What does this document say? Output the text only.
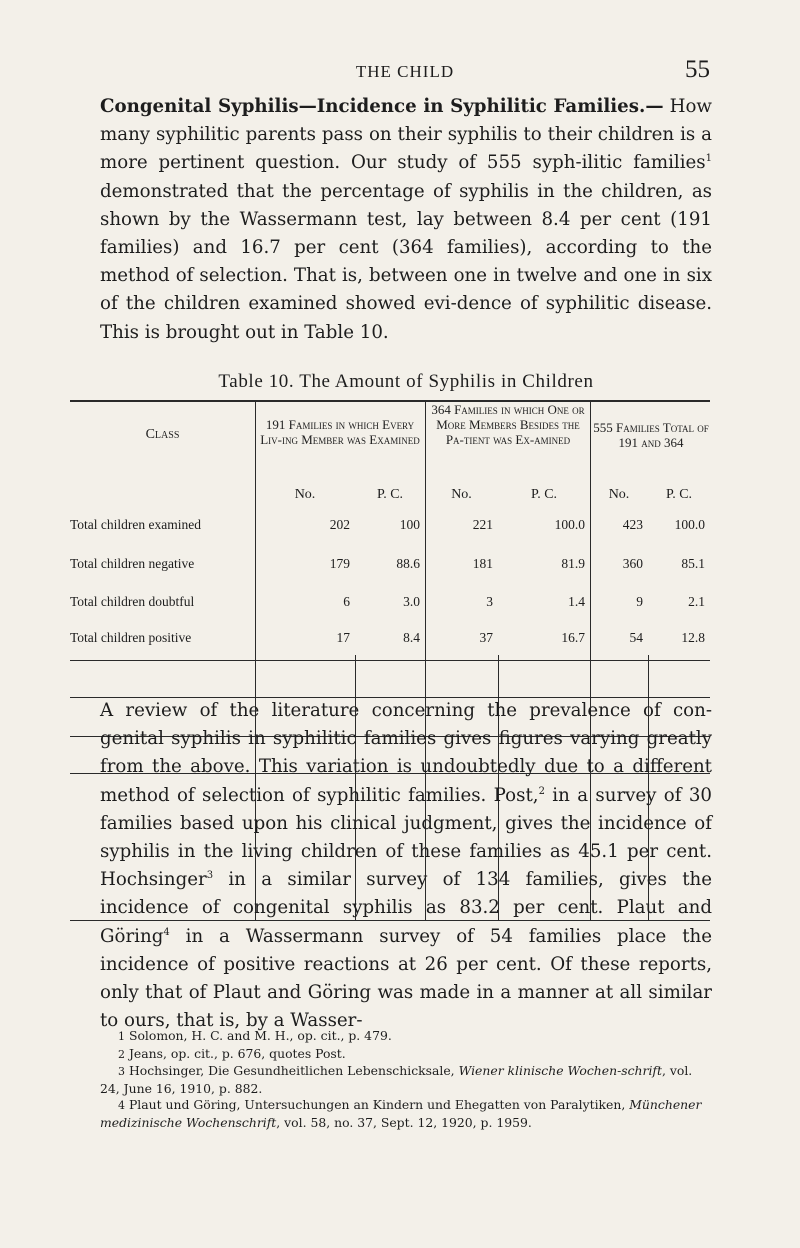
THE CHILD	55

Congenital Syphilis—Incidence in Syphilitic Families.— How many syphilitic parents pass on their syphilis to their children is a more pertinent question. Our study of 555 syph-ilitic families$^1$ demonstrated that the percentage of syphilis in the children, as shown by the Wassermann test, lay between 8.4 per cent (191 families) and 16.7 per cent (364 families), according to the method of selection. That is, between one in twelve and one in six of the children examined showed evi-dence of syphilitic disease. This is brought out in Table 10.

Table 10. The Amount of Syphilis in Children
Class
191 Families in which Every Liv-ing Member was Examined
364 Families in which One or More Members Besides the Pa-tient was Ex-amined
555 Families Total of 191 and 364
No.	P. C.	No.	P. C.	No.	P. C.
Total children examined	202	100	221	100.0	423 100.0
Total children negative	179	88.6	181	81.9	360	85.1
Total children doubtful	6	3.0	3	1.4	9	2.1
Total children positive	17	8.4	37	16.7	54	12.8

A review of the literature concerning the prevalence of con-genital syphilis in syphilitic families gives figures varying greatly from the above. This variation is undoubtedly due to a different method of selection of syphilitic families. Post,$^2$ in a survey of 30 families based upon his clinical judgment, gives the incidence of syphilis in the living children of these families as 45.1 per cent. Hochsinger$^3$ in a similar survey of 134 families, gives the incidence of congenital syphilis as 83.2 per cent. Plaut and Göring$^4$ in a Wassermann survey of 54 families place the incidence of positive reactions at 26 per cent. Of these reports, only that of Plaut and Göring was made in a manner at all similar to ours, that is, by a Wasser-

1 Solomon, H. C. and M. H., op. cit., p. 479.

2 Jeans, op. cit., p. 676, quotes Post.

3 Hochsinger, Die Gesundheitlichen Lebenschicksale, Wiener klinische Wochen-schrift, vol. 24, June 16, 1910, p. 882.

4 Plaut und Göring, Untersuchungen an Kindern und Ehegatten von Paralytiken, Münchener medizinische Wochenschrift, vol. 58, no. 37, Sept. 12, 1920, p. 1959.
